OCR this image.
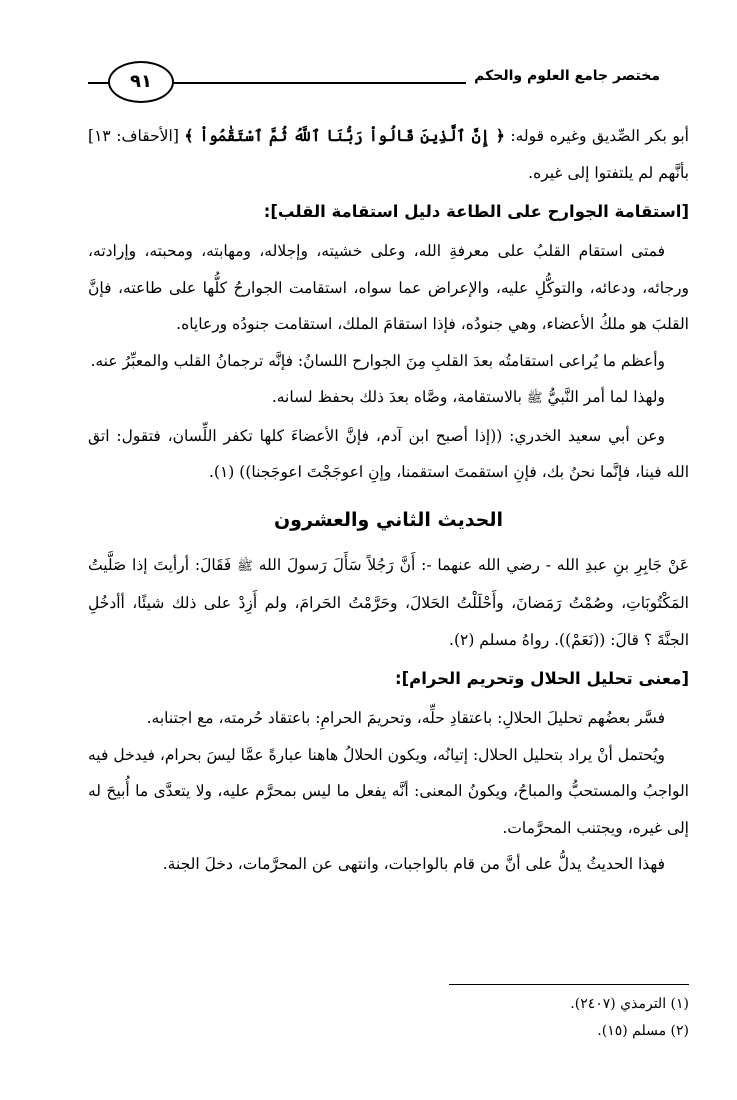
مختصر جامع العلوم والحكم
٩١

أبو بكر الصِّديق وغيره قوله: ﴿ إِنَّ ٱلَّذِينَ قَالُواْ رَبُّنَا ٱللَّهُ ثُمَّ ٱسْتَقَٰمُواْ ﴾ [الأحقاف: ١٣] بأنَّهم لم يلتفتوا إلى غيره.

[استقامة الجوارح على الطاعة دليل استقامة القلب]:

فمتى استقام القلبُ على معرفةِ الله، وعلى خشيته، وإجلاله، ومهابته، ومحبته، وإرادته، ورجائه، ودعائه، والتوكُّلِ عليه، والإعراض عما سواه، استقامت الجوارحُ كلُّها على طاعته، فإنَّ القلبَ هو ملكُ الأعضاء، وهي جنودُه، فإذا استقامَ الملك، استقامت جنودُه ورعاياه.

وأعظم ما يُراعى استقامتُه بعدَ القلبِ مِنَ الجوارح اللسانُ: فإنَّه ترجمانُ القلب والمعبِّرُ عنه.

ولهذا لما أمر النَّبيُّ ﷺ بالاستقامة، وصَّاه بعدَ ذلك بحفظ لسانه.

وعن أبي سعيد الخدري: ((إذا أصبح ابن آدم، فإنَّ الأعضاءَ كلها تكفر اللِّسان، فتقول: اتق الله فينا، فإنَّما نحنُ بك، فإنِ استقمتَ استقمنا، وإنِ اعوجَجْتَ اعوجَجنا)) (١).

الحديث الثاني والعشرون

عَنْ جَابِرِ بنِ عبدِ الله - رضي الله عنهما -: أَنَّ رَجُلاً سَأَلَ رَسولَ الله ﷺ فَقَالَ: أرأيتَ إذا صَلَّيتُ المَكْتُوبَاتِ، وصُمْتُ رَمَضانَ، وأَحْلَلْتُ الحَلالَ، وحَرَّمْتُ الحَرامَ، ولم أَزِدْ على ذلك شيئًا، أأدخُلِ الجنَّةَ ؟ قالَ: ((نَعَمْ)). رواهُ مسلم (٢).

[معنى تحليل الحلال وتحريم الحرام]:

فسَّر بعضُهم تحليلَ الحلالِ: باعتقادِ حلِّه، وتحريمَ الحرامِ: باعتقاد حُرمته، مع اجتنابه.

ويُحتمل أنْ يراد بتحليل الحلال: إتيانُه، ويكون الحلالُ هاهنا عبارةً عمَّا ليسَ بحرام، فيدخل فيه الواجبُ والمستحبُّ والمباحُ، ويكونُ المعنى: أنَّه يفعل ما ليس بمحرَّم عليه، ولا يتعدَّى ما أُبيحَ له إلى غيره، ويجتنب المحرَّمات.

فهذا الحديثُ يدلُّ على أنَّ من قام بالواجبات، وانتهى عن المحرَّمات، دخلَ الجنة.

(١) الترمذي (٢٤٠٧).

(٢) مسلم (١٥).
